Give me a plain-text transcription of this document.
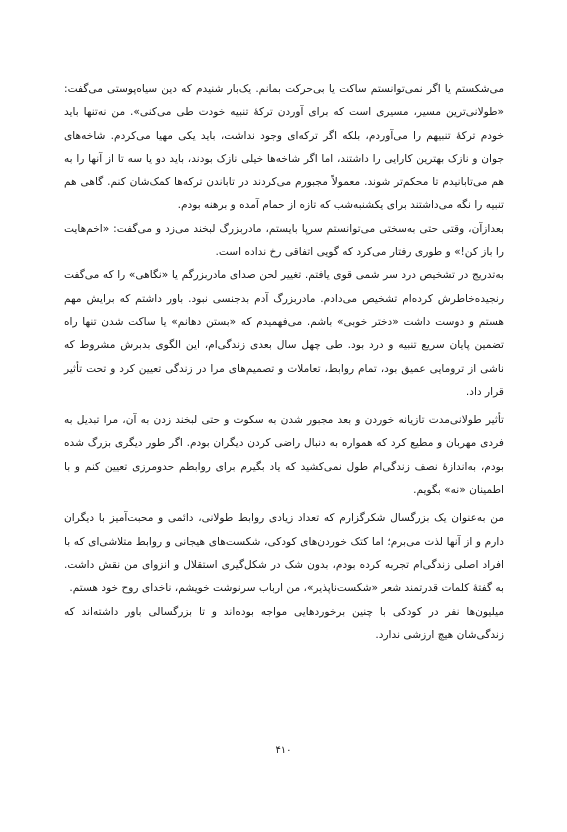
می‌شکستم یا اگر نمی‌توانستم ساکت یا بی‌حرکت بمانم. یک‌بار شنیدم که دین سیاه‌پوستی می‌گفت: «طولانی‌ترین مسیر، مسیری است که برای آوردن ترکهٔ تنبیه خودت طی می‌کنی». من نه‌تنها باید خودم ترکهٔ تنبیهم را می‌آوردم، بلکه اگر ترکه‌ای وجود نداشت، باید یکی مهیا می‌کردم. شاخه‌های جوان و نازک بهترین کارایی را داشتند، اما اگر شاخه‌ها خیلی نازک بودند، باید دو یا سه تا از آنها را به هم می‌تابانیدم تا محکم‌تر شوند. معمولاً مجبورم می‌کردند در تاباندن ترکه‌ها کمک‌شان کنم. گاهی هم تنبیه را نگه می‌داشتند برای یکشنبه‌شب که تازه از حمام آمده و برهنه بودم.

بعدازآن، وقتی حتی به‌سختی می‌توانستم سرپا بایستم، مادربزرگ لبخند می‌زد و می‌گفت: «اخم‌هایت را باز کن!» و طوری رفتار می‌کرد که گویی اتفاقی رخ نداده است.

به‌تدریج در تشخیص درد سر شمی قوی یافتم. تغییر لحن صدای مادربزرگم یا «نگاهی» را که می‌گفت رنجیده‌خاطرش کرده‌ام تشخیص می‌دادم. مادربزرگ آدم بدجنسی نبود. باور داشتم که برایش مهم هستم و دوست داشت «دختر خوبی» باشم. می‌فهمیدم که «بستن دهانم» یا ساکت شدن تنها راه تضمین پایان سریع تنبیه و درد بود. طی چهل سال بعدی زندگی‌ام، این الگوی بدبرش مشروط که ناشی از ترومایی عمیق بود، تمام روابط، تعاملات و تصمیم‌های مرا در زندگی تعیین کرد و تحت تأثیر قرار داد.

تأثیر طولانی‌مدت تازیانه خوردن و بعد مجبور شدن به سکوت و حتی لبخند زدن به آن، مرا تبدیل به فردی مهربان و مطیع کرد که همواره به دنبال راضی کردن دیگران بودم. اگر طور دیگری بزرگ شده بودم، به‌اندازهٔ نصف زندگی‌ام طول نمی‌کشید که یاد بگیرم برای روابطم حدومرزی تعیین کنم و با اطمینان «نه» بگویم.

من به‌عنوان یک بزرگسال شکرگزارم که تعداد زیادی روابط طولانی، دائمی و محبت‌آمیز با دیگران دارم و از آنها لذت می‌برم؛ اما کتک خوردن‌های کودکی، شکست‌های هیجانی و روابط متلاشی‌ای که با افراد اصلی زندگی‌ام تجربه کرده بودم، بدون شک در شکل‌گیری استقلال و انزوای من نقش داشت. به گفتهٔ کلمات قدرتمند شعر «شکست‌ناپذیر»، من ارباب سرنوشت خویشم، ناخدای روح خود هستم.

میلیون‌ها نفر در کودکی با چنین برخوردهایی مواجه بوده‌اند و تا بزرگسالی باور داشته‌اند که زندگی‌شان هیچ ارزشی ندارد.

۴۱۰
